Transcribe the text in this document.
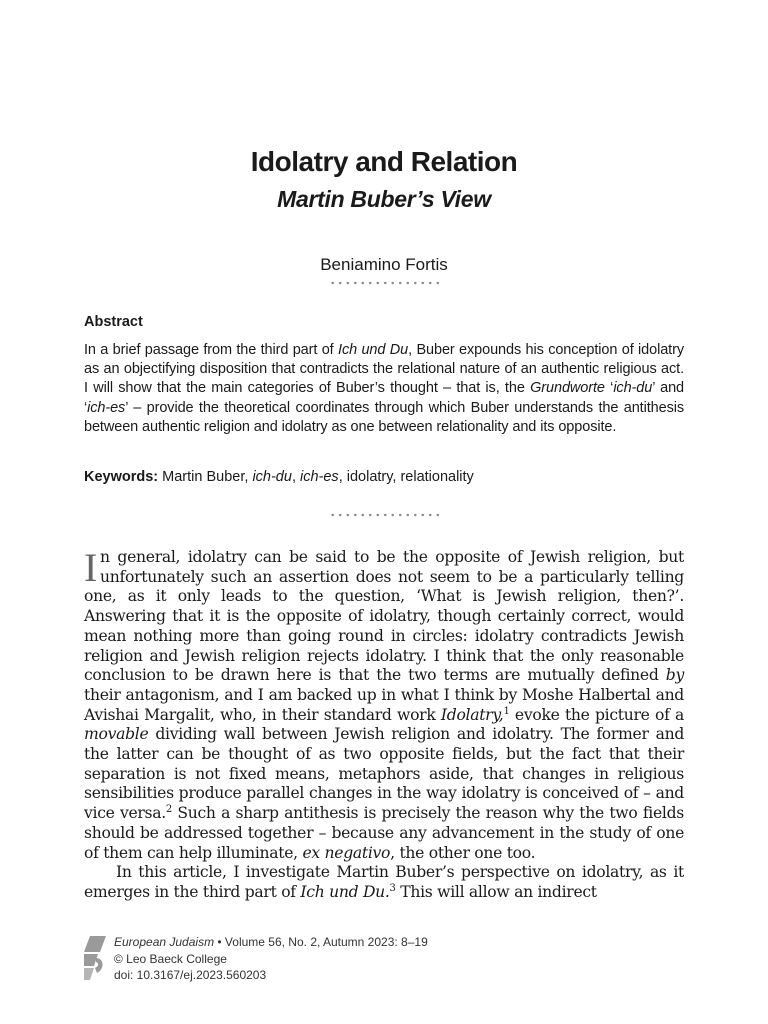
Idolatry and Relation
Martin Buber’s View

Beniamino Fortis

Abstract

In a brief passage from the third part of Ich und Du, Buber expounds his conception of idolatry as an objectifying disposition that contradicts the relational nature of an authentic religious act. I will show that the main categories of Buber’s thought – that is, the Grundworte ‘ich-du’ and ‘ich-es’ – provide the theoretical coordinates through which Buber understands the antithesis between authentic religion and idolatry as one between relationality and its opposite.

Keywords: Martin Buber, ich-du, ich-es, idolatry, relationality

In general, idolatry can be said to be the opposite of Jewish religion, but unfortunately such an assertion does not seem to be a particularly telling one, as it only leads to the question, ‘What is Jewish religion, then?’. Answering that it is the opposite of idolatry, though certainly correct, would mean nothing more than going round in circles: idolatry contradicts Jewish religion and Jewish religion rejects idolatry. I think that the only reasonable conclusion to be drawn here is that the two terms are mutually defined by their antagonism, and I am backed up in what I think by Moshe Halbertal and Avishai Margalit, who, in their standard work Idolatry,$^1$ evoke the picture of a movable dividing wall between Jewish religion and idolatry. The former and the latter can be thought of as two opposite fields, but the fact that their separation is not fixed means, metaphors aside, that changes in religious sensibilities produce parallel changes in the way idolatry is conceived of – and vice versa.$^2$ Such a sharp antithesis is precisely the reason why the two fields should be addressed together – because any advancement in the study of one of them can help illuminate, ex negativo, the other one too.

In this article, I investigate Martin Buber’s perspective on idolatry, as it emerges in the third part of Ich und Du.$^3$ This will allow an indirect

European Judaism • Volume 56, No. 2, Autumn 2023: 8–19
© Leo Baeck College
doi: 10.3167/ej.2023.560203
